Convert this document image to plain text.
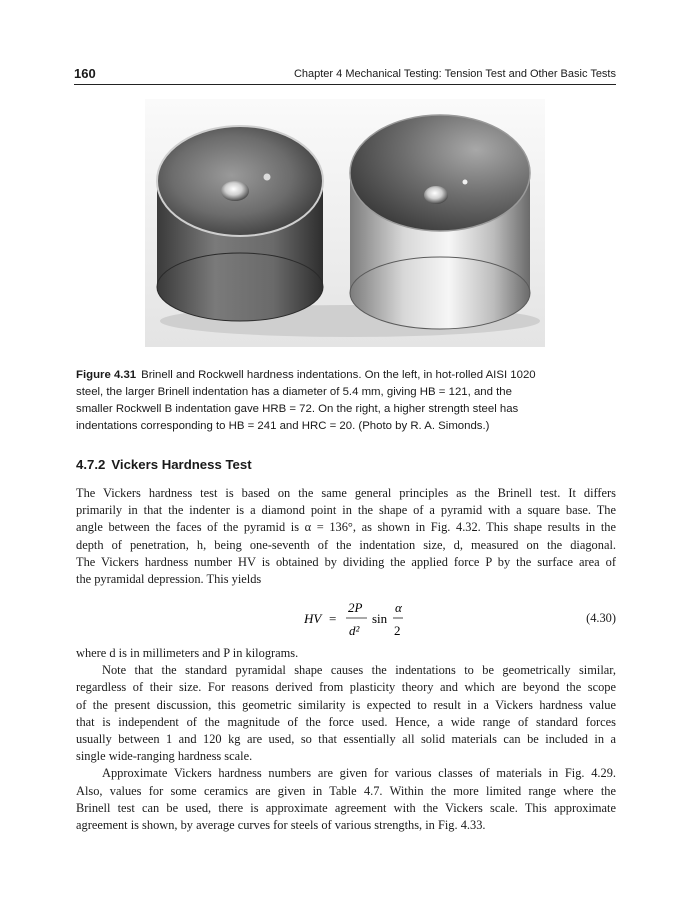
160	Chapter 4 Mechanical Testing: Tension Test and Other Basic Tests
Figure 4.31 Brinell and Rockwell hardness indentations. On the left, in hot-rolled AISI 1020
steel, the larger Brinell indentation has a diameter of 5.4 mm, giving HB = 121, and the
smaller Rockwell B indentation gave HRB = 72. On the right, a higher strength steel has
indentations corresponding to HB = 241 and HRC = 20. (Photo by R. A. Simonds.)
4.7.2 Vickers Hardness Test
The Vickers hardness test is based on the same general principles as the Brinell test. It differs
primarily in that the indenter is a diamond point in the shape of a pyramid with a square base. The
angle between the faces of the pyramid is α = 136°, as shown in Fig. 4.32. This shape results in the
depth of penetration, h, being one-seventh of the indentation size, d, measured on the diagonal.
The Vickers hardness number HV is obtained by dividing the applied force P by the surface area of
the pyramidal depression. This yields
HV =
2P
d²
sin
α
2
(4.30)
where d is in millimeters and P in kilograms.
Note that the standard pyramidal shape causes the indentations to be geometrically similar,
regardless of their size. For reasons derived from plasticity theory and which are beyond the scope
of the present discussion, this geometric similarity is expected to result in a Vickers hardness value
that is independent of the magnitude of the force used. Hence, a wide range of standard forces
usually between 1 and 120 kg are used, so that essentially all solid materials can be included in a
single wide-ranging hardness scale.
Approximate Vickers hardness numbers are given for various classes of materials in Fig. 4.29.
Also, values for some ceramics are given in Table 4.7. Within the more limited range where the
Brinell test can be used, there is approximate agreement with the Vickers scale. This approximate
agreement is shown, by average curves for steels of various strengths, in Fig. 4.33.
